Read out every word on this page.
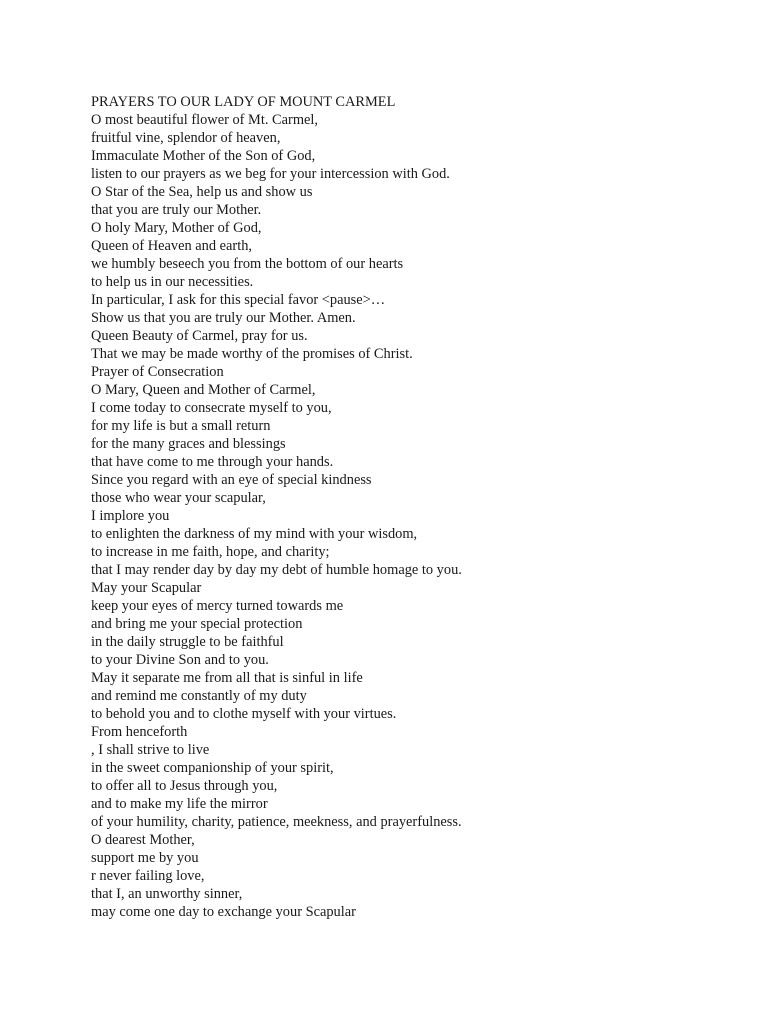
PRAYERS TO OUR LADY OF MOUNT CARMEL
O most beautiful flower of Mt. Carmel,
fruitful vine, splendor of heaven,
Immaculate Mother of the Son of God,
listen to our prayers as we beg for your intercession with God.
O Star of the Sea, help us and show us
that you are truly our Mother.
O holy Mary, Mother of God,
Queen of Heaven and earth,
we humbly beseech you from the bottom of our hearts
to help us in our necessities.
In particular, I ask for this special favor <pause>…
Show us that you are truly our Mother. Amen.
Queen Beauty of Carmel, pray for us.
That we may be made worthy of the promises of Christ.
Prayer of Consecration
O Mary, Queen and Mother of Carmel,
I come today to consecrate myself to you,
for my life is but a small return
for the many graces and blessings
that have come to me through your hands.
Since you regard with an eye of special kindness
those who wear your scapular,
I implore you
to enlighten the darkness of my mind with your wisdom,
to increase in me faith, hope, and charity;
that I may render day by day my debt of humble homage to you.
May your Scapular
keep your eyes of mercy turned towards me
and bring me your special protection
in the daily struggle to be faithful
to your Divine Son and to you.
May it separate me from all that is sinful in life
and remind me constantly of my duty
to behold you and to clothe myself with your virtues.
From henceforth
, I shall strive to live
in the sweet companionship of your spirit,
to offer all to Jesus through you,
and to make my life the mirror
of your humility, charity, patience, meekness, and prayerfulness.
O dearest Mother,
support me by you
r never failing love,
that I, an unworthy sinner,
may come one day to exchange your Scapular
